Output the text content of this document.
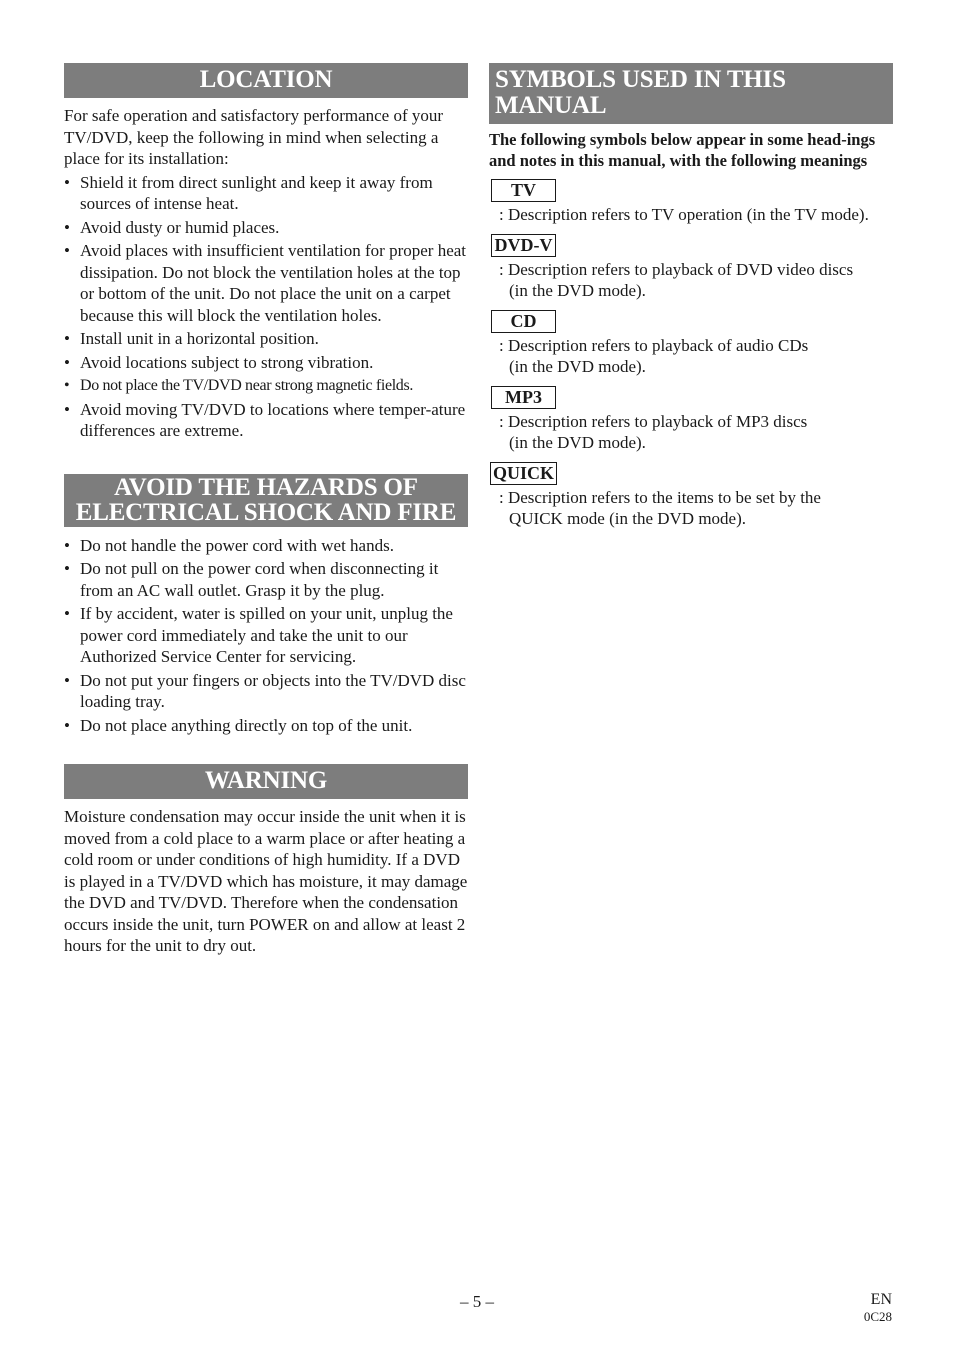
LOCATION

For safe operation and satisfactory performance of your TV/DVD, keep the following in mind when selecting a place for its installation:

• Shield it from direct sunlight and keep it away from sources of intense heat.
• Avoid dusty or humid places.
• Avoid places with insufficient ventilation for proper heat dissipation. Do not block the ventilation holes at the top or bottom of the unit. Do not place the unit on a carpet because this will block the ventilation holes.
• Install unit in a horizontal position.
• Avoid locations subject to strong vibration.
• Do not place the TV/DVD near strong magnetic fields.
• Avoid moving TV/DVD to locations where temper-ature differences are extreme.
AVOID THE HAZARDS OF
ELECTRICAL SHOCK AND FIRE
• Do not handle the power cord with wet hands.
• Do not pull on the power cord when disconnecting it from an AC wall outlet. Grasp it by the plug.
• If by accident, water is spilled on your unit, unplug the power cord immediately and take the unit to our Authorized Service Center for servicing.
• Do not put your fingers or objects into the TV/DVD disc loading tray.
• Do not place anything directly on top of the unit.
WARNING

Moisture condensation may occur inside the unit when it is moved from a cold place to a warm place or after heating a cold room or under conditions of high humidity. If a DVD is played in a TV/DVD which has moisture, it may damage the DVD and TV/DVD. Therefore when the condensation occurs inside the unit, turn POWER on and allow at least 2 hours for the unit to dry out.

SYMBOLS USED IN THIS MANUAL

The following symbols below appear in some head-ings and notes in this manual, with the following meanings

TV
: Description refers to TV operation (in the TV mode).
DVD-V
: Description refers to playback of DVD video discs
(in the DVD mode).
CD
: Description refers to playback of audio CDs
(in the DVD mode).
MP3
: Description refers to playback of MP3 discs
(in the DVD mode).
QUICK
: Description refers to the items to be set by the
QUICK mode (in the DVD mode).
– 5 –	EN
0C28
